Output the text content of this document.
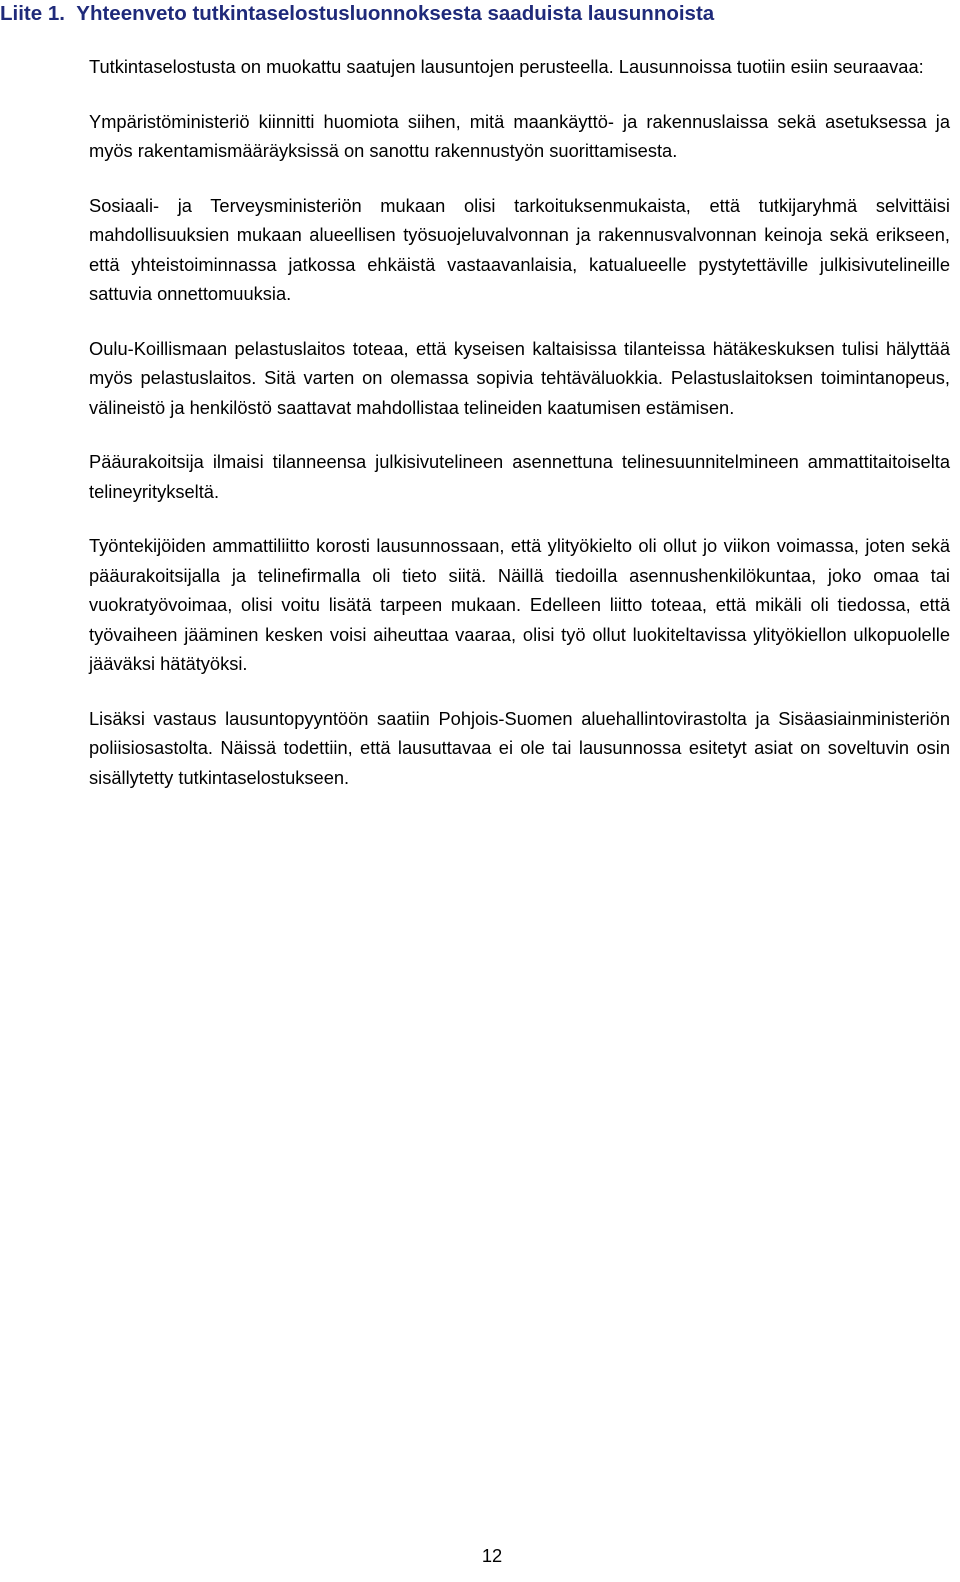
Liite 1. Yhteenveto tutkintaselostusluonnoksesta saaduista lausunnoista

Tutkintaselostusta on muokattu saatujen lausuntojen perusteella. Lausunnoissa tuotiin esiin seuraavaa:

Ympäristöministeriö kiinnitti huomiota siihen, mitä maankäyttö- ja rakennuslaissa sekä asetuksessa ja myös rakentamismääräyksissä on sanottu rakennustyön suorittamisesta.

Sosiaali- ja Terveysministeriön mukaan olisi tarkoituksenmukaista, että tutkijaryhmä selvittäisi mahdollisuuksien mukaan alueellisen työsuojeluvalvonnan ja rakennusvalvonnan keinoja sekä erikseen, että yhteistoiminnassa jatkossa ehkäistä vastaavanlaisia, katualueelle pystytettäville julkisivutelineille sattuvia onnettomuuksia.

Oulu-Koillismaan pelastuslaitos toteaa, että kyseisen kaltaisissa tilanteissa hätäkeskuksen tulisi hälyttää myös pelastuslaitos. Sitä varten on olemassa sopivia tehtäväluokkia. Pelastuslaitoksen toimintanopeus, välineistö ja henkilöstö saattavat mahdollistaa telineiden kaatumisen estämisen.

Pääurakoitsija ilmaisi tilanneensa julkisivutelineen asennettuna telinesuunnitelmineen ammattitaitoiselta telineyritykseltä.

Työntekijöiden ammattiliitto korosti lausunnossaan, että ylityökielto oli ollut jo viikon voimassa, joten sekä pääurakoitsijalla ja telinefirmalla oli tieto siitä. Näillä tiedoilla asennushenkilökuntaa, joko omaa tai vuokratyövoimaa, olisi voitu lisätä tarpeen mukaan. Edelleen liitto toteaa, että mikäli oli tiedossa, että työvaiheen jääminen kesken voisi aiheuttaa vaaraa, olisi työ ollut luokiteltavissa ylityökiellon ulkopuolelle jääväksi hätätyöksi.

Lisäksi vastaus lausuntopyyntöön saatiin Pohjois-Suomen aluehallintovirastolta ja Sisäasiainministeriön poliisiosastolta. Näissä todettiin, että lausuttavaa ei ole tai lausunnossa esitetyt asiat on soveltuvin osin sisällytetty tutkintaselostukseen.

12
